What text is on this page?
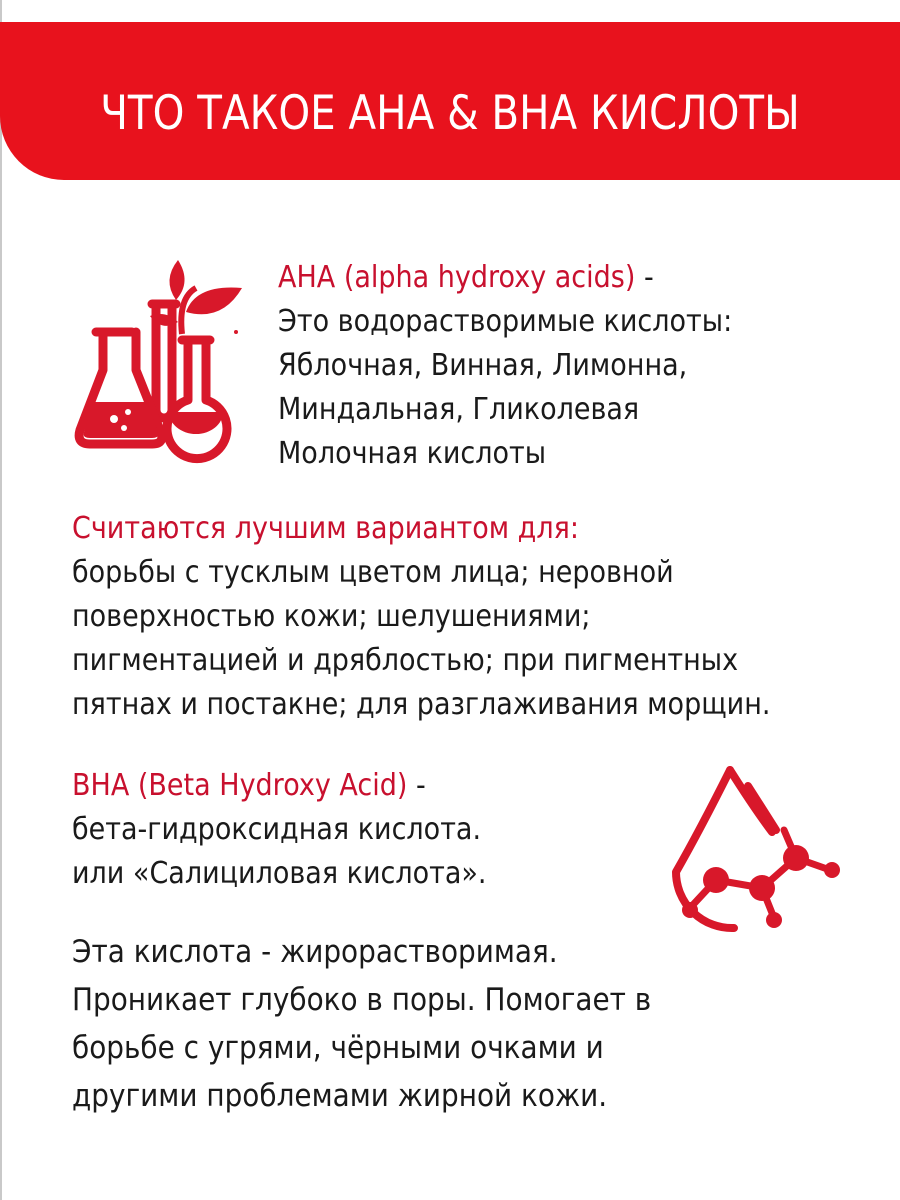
ЧТО ТАКОЕ АНА & ВНА КИСЛОТЫ
АНА (alpha hydroxy acids) -
Это водорастворимые кислоты:
Яблочная, Винная, Лимонна,
Миндальная, Гликолевая
Молочная кислоты
Считаются лучшим вариантом для:
борьбы с тусклым цветом лица; неровной
поверхностью кожи; шелушениями;
пигментацией и дряблостью; при пигментных
пятнах и постакне; для разглаживания морщин.
BHA (Beta Hydroxy Acid) -
бета-гидроксидная кислота.
или «Салициловая кислота».
Эта кислота - жирорастворимая.
Проникает глубоко в поры. Помогает в
борьбе с угрями, чёрными очками и
другими проблемами жирной кожи.
